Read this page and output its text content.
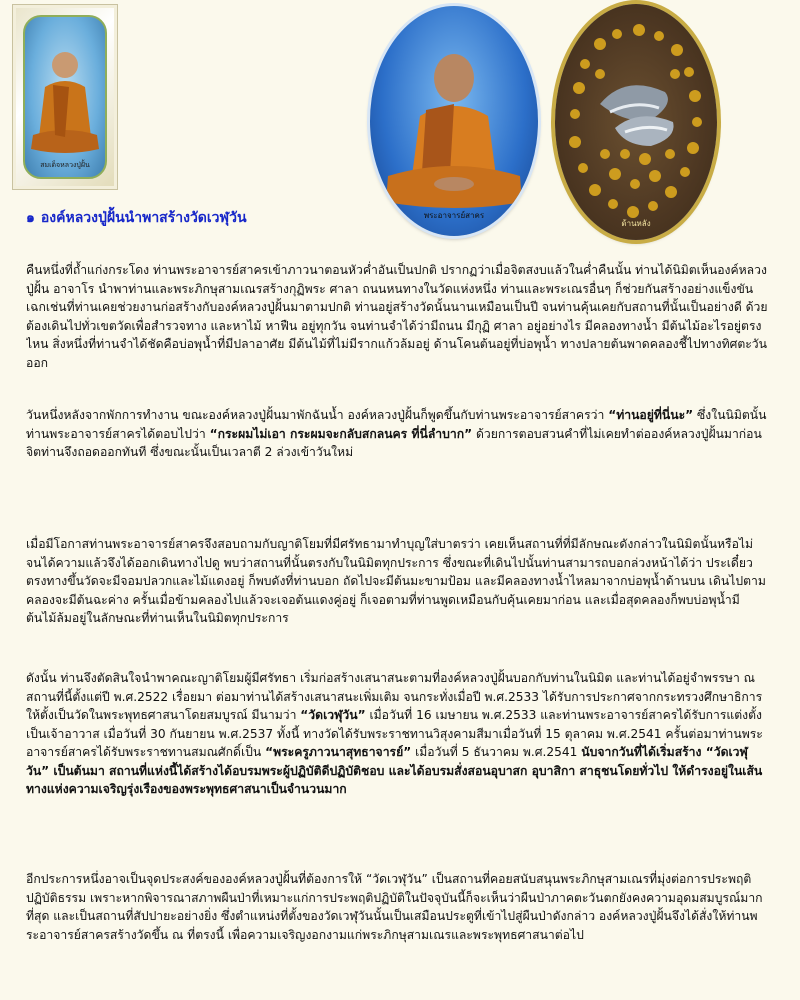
สมเด็จหลวงปู่ฝั้น
พระอาจารย์สาคร
ด้านหลัง
๑ องค์หลวงปู่ฝั้นนำพาสร้างวัดเวฬุวัน

คืนหนึ่งที่ถ้ำแก่งกระโดง ท่านพระอาจารย์สาครเข้าภาวนาตอนหัวค่ำอันเป็นปกติ ปรากฏว่าเมื่อจิตสงบแล้วในค่ำคืนนั้น ท่านได้นิมิตเห็นองค์หลวงปู่ฝั้น อาจาโร นำพาท่านและพระภิกษุสามเณรสร้างกุฏิพระ ศาลา ถนนหนทางในวัดแห่งหนึ่ง ท่านและพระเณรอื่นๆ ก็ช่วยกันสร้างอย่างแข็งขัน เฉกเช่นที่ท่านเคยช่วยงานก่อสร้างกับองค์หลวงปู่ฝั้นมาตามปกติ ท่านอยู่สร้างวัดนั้นนานเหมือนเป็นปี จนท่านคุ้นเคยกับสถานที่นั้นเป็นอย่างดี ด้วยต้องเดินไปทั่วเขตวัดเพื่อสำรวจทาง และหาไม้ หาฟืน อยู่ทุกวัน จนท่านจำได้ว่ามีถนน มีกุฏิ ศาลา อยู่อย่างไร มีคลองทางน้ำ มีต้นไม้อะไรอยู่ตรงไหน สิ่งหนึ่งที่ท่านจำได้ชัดคือบ่อพุน้ำที่มีปลาอาศัย มีต้นไม้ที่ไม่มีรากแก้วล้มอยู่ ด้านโคนต้นอยู่ที่บ่อพุน้ำ ทางปลายต้นพาดคลองชี้ไปทางทิศตะวันออก

วันหนึ่งหลังจากพักการทำงาน ขณะองค์หลวงปู่ฝั้นมาพักฉันน้ำ องค์หลวงปู่ฝั้นก็พูดขึ้นกับท่านพระอาจารย์สาครว่า “ท่านอยู่ที่นี่นะ” ซึ่งในนิมิตนั้นท่านพระอาจารย์สาครได้ตอบไปว่า “กระผมไม่เอา กระผมจะกลับสกลนคร ที่นี่ลำบาก” ด้วยการตอบสวนคำที่ไม่เคยทำต่อองค์หลวงปู่ฝั้นมาก่อน จิตท่านจึงถอดออกทันที ซึ่งขณะนั้นเป็นเวลาตี 2 ล่วงเข้าวันใหม่

เมื่อมีโอกาสท่านพระอาจารย์สาครจึงสอบถามกับญาติโยมที่มีศรัทธามาทำบุญใส่บาตรว่า เคยเห็นสถานที่ที่มีลักษณะดังกล่าวในนิมิตนั้นหรือไม่ จนได้ความแล้วจึงได้ออกเดินทางไปดู พบว่าสถานที่นั้นตรงกับในนิมิตทุกประการ ซึ่งขณะที่เดินไปนั้นท่านสามารถบอกล่วงหน้าได้ว่า ประเดี๋ยวตรงทางขึ้นวัดจะมีจอมปลวกและไม้แดงอยู่ ก็พบดังที่ท่านบอก ถัดไปจะมีต้นมะขามป้อม และมีคลองทางน้ำไหลมาจากบ่อพุน้ำด้านบน เดินไปตามคลองจะมีต้นฉะค่าง ครั้นเมื่อข้ามคลองไปแล้วจะเจอต้นแดงคู่อยู่ ก็เจอตามที่ท่านพูดเหมือนกับคุ้นเคยมาก่อน และเมื่อสุดคลองก็พบบ่อพุน้ำมีต้นไม้ล้มอยู่ในลักษณะที่ท่านเห็นในนิมิตทุกประการ

ดังนั้น ท่านจึงตัดสินใจนำพาคณะญาติโยมผู้มีศรัทธา เริ่มก่อสร้างเสนาสนะตามที่องค์หลวงปู่ฝั้นบอกกับท่านในนิมิต และท่านได้อยู่จำพรรษา ณ สถานที่นี้ตั้งแต่ปี พ.ศ.2522 เรื่อยมา ต่อมาท่านได้สร้างเสนาสนะเพิ่มเติม จนกระทั่งเมื่อปี พ.ศ.2533 ได้รับการประกาศจากกระทรวงศึกษาธิการให้ตั้งเป็นวัดในพระพุทธศาสนาโดยสมบูรณ์ มีนามว่า “วัดเวฬุวัน” เมื่อวันที่ 16 เมษายน พ.ศ.2533 และท่านพระอาจารย์สาครได้รับการแต่งตั้งเป็นเจ้าอาวาส เมื่อวันที่ 30 กันยายน พ.ศ.2537 ทั้งนี้ ทางวัดได้รับพระราชทานวิสุงคามสีมาเมื่อวันที่ 15 ตุลาคม พ.ศ.2541 ครั้นต่อมาท่านพระอาจารย์สาครได้รับพระราชทานสมณศักดิ์เป็น “พระครูภาวนาสุทธาจารย์” เมื่อวันที่ 5 ธันวาคม พ.ศ.2541 นับจากวันที่ได้เริ่มสร้าง “วัดเวฬุวัน” เป็นต้นมา สถานที่แห่งนี้ได้สร้างได้อบรมพระผู้ปฏิบัติดีปฏิบัติชอบ และได้อบรมสั่งสอนอุบาสก อุบาสิกา สาธุชนโดยทั่วไป ให้ดำรงอยู่ในเส้นทางแห่งความเจริญรุ่งเรืองของพระพุทธศาสนาเป็นจำนวนมาก

อีกประการหนึ่งอาจเป็นจุดประสงค์ขององค์หลวงปู่ฝั้นที่ต้องการให้ “วัดเวฬุวัน” เป็นสถานที่คอยสนับสนุนพระภิกษุสามเณรที่มุ่งต่อการประพฤติ ปฏิบัติธรรม เพราะหากพิจารณาสภาพผืนป่าที่เหมาะแก่การประพฤติปฏิบัติในปัจจุบันนี้ก็จะเห็นว่าผืนป่าภาคตะวันตกยังคงความอุดมสมบูรณ์มากที่สุด และเป็นสถานที่สัปปายะอย่างยิ่ง ซึ่งตำแหน่งที่ตั้งของวัดเวฬุวันนั้นเป็นเสมือนประตูที่เข้าไปสู่ผืนป่าดังกล่าว องค์หลวงปู่ฝั้นจึงได้สั่งให้ท่านพระอาจารย์สาครสร้างวัดขึ้น ณ ที่ตรงนี้ เพื่อความเจริญงอกงามแก่พระภิกษุสามเณรและพระพุทธศาสนาต่อไป
